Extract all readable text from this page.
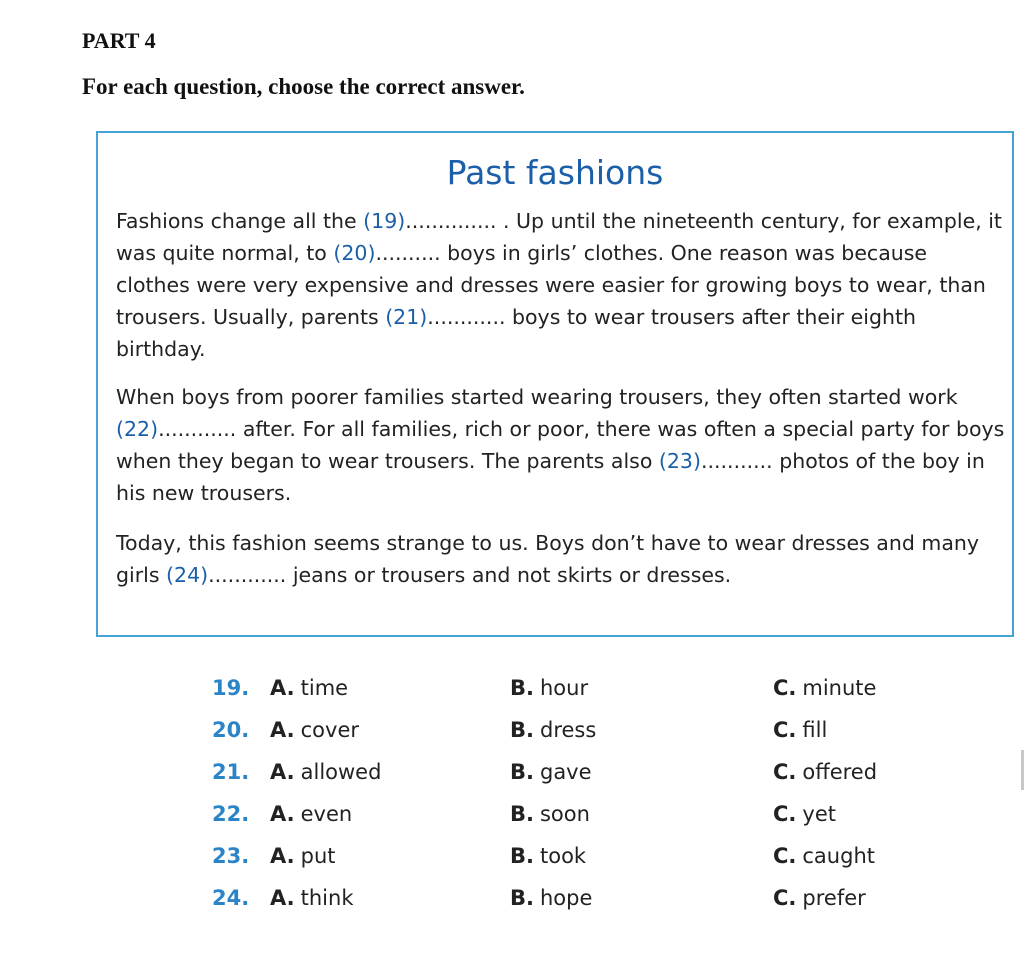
PART 4
For each question, choose the correct answer.
Past fashions
Fashions change all the (19).............. . Up until the nineteenth century, for example, it was quite normal, to (20).......... boys in girls’ clothes. One reason was because clothes were very expensive and dresses were easier for growing boys to wear, than trousers. Usually, parents (21)............ boys to wear trousers after their eighth birthday.
When boys from poorer families started wearing trousers, they often started work (22)............ after. For all families, rich or poor, there was often a special party for boys when they began to wear trousers. The parents also (23)........... photos of the boy in his new trousers.
Today, this fashion seems strange to us. Boys don’t have to wear dresses and many girls (24)............ jeans or trousers and not skirts or dresses.
19. A. time	B. hour	C. minute
20. A. cover	B. dress	C. fill
21. A. allowed	B. gave	C. offered
22. A. even	B. soon	C. yet
23. A. put	B. took	C. caught
24. A. think	B. hope	C. prefer
